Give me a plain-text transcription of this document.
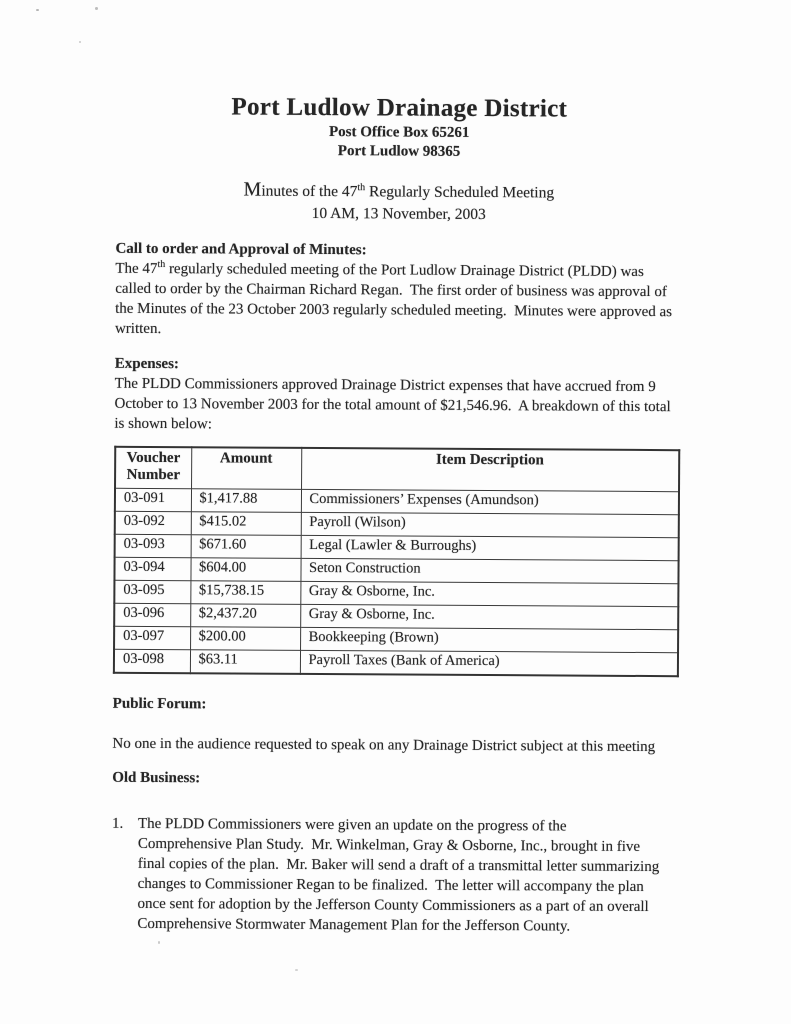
Port Ludlow Drainage District
Post Office Box 65261
Port Ludlow 98365
Minutes of the 47th Regularly Scheduled Meeting
10 AM, 13 November, 2003
Call to order and Approval of Minutes:

The 47th regularly scheduled meeting of the Port Ludlow Drainage District (PLDD) was called to order by the Chairman Richard Regan.  The first order of business was approval of the Minutes of the 23 October 2003 regularly scheduled meeting.  Minutes were approved as written.

Expenses:

The PLDD Commissioners approved Drainage District expenses that have accrued from 9 October to 13 November 2003 for the total amount of $21,546.96.  A breakdown of this total is shown below:

Voucher Number	Amount	Item Description
03-091	$1,417.88	Commissioners’ Expenses (Amundson)
03-092	$415.02	Payroll (Wilson)
03-093	$671.60	Legal (Lawler & Burroughs)
03-094	$604.00	Seton Construction
03-095	$15,738.15	Gray & Osborne, Inc.
03-096	$2,437.20	Gray & Osborne, Inc.
03-097	$200.00	Bookkeeping (Brown)
03-098	$63.11	Payroll Taxes (Bank of America)
Public Forum:

No one in the audience requested to speak on any Drainage District subject at this meeting

Old Business:
1. The PLDD Commissioners were given an update on the progress of the Comprehensive Plan Study.  Mr. Winkelman, Gray & Osborne, Inc., brought in five final copies of the plan.  Mr. Baker will send a draft of a transmittal letter summarizing changes to Commissioner Regan to be finalized.  The letter will accompany the plan once sent for adoption by the Jefferson County Commissioners as a part of an overall Comprehensive Stormwater Management Plan for the Jefferson County.
